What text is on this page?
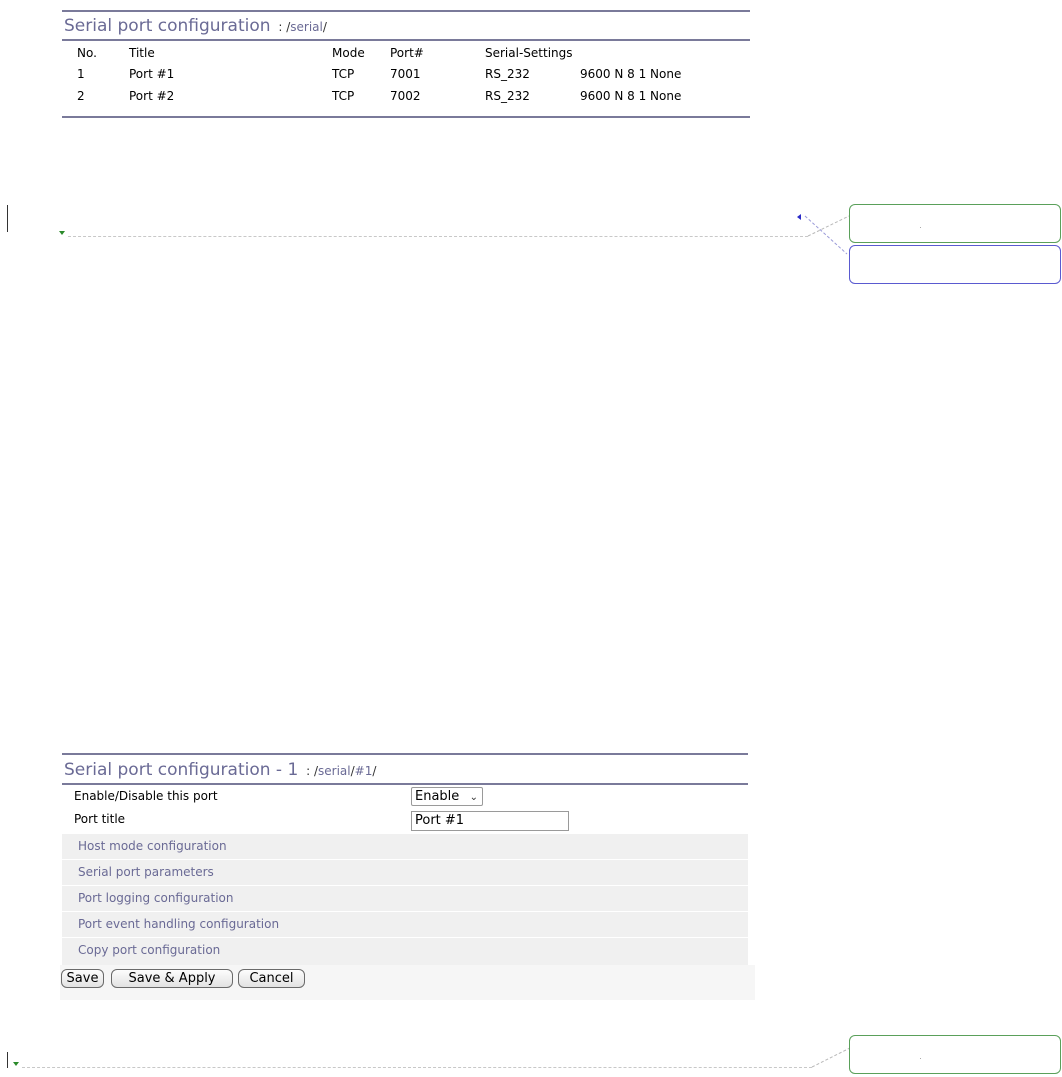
Serial port configuration : /serial/
No.	Title	Mode Port#	Serial-Settings
1	Port #1	TCP	7001	RS_232	9600 N 8 1 None
2	Port #2	TCP	7002	RS_232	9600 N 8 1 None
Serial port configuration - 1 : /serial/#1/
Enable/Disable this port	Enable ⌄
Port title	Port #1
Host mode configuration
Serial port parameters
Port logging configuration
Port event handling configuration
Copy port configuration
Save	Save & Apply	Cancel
